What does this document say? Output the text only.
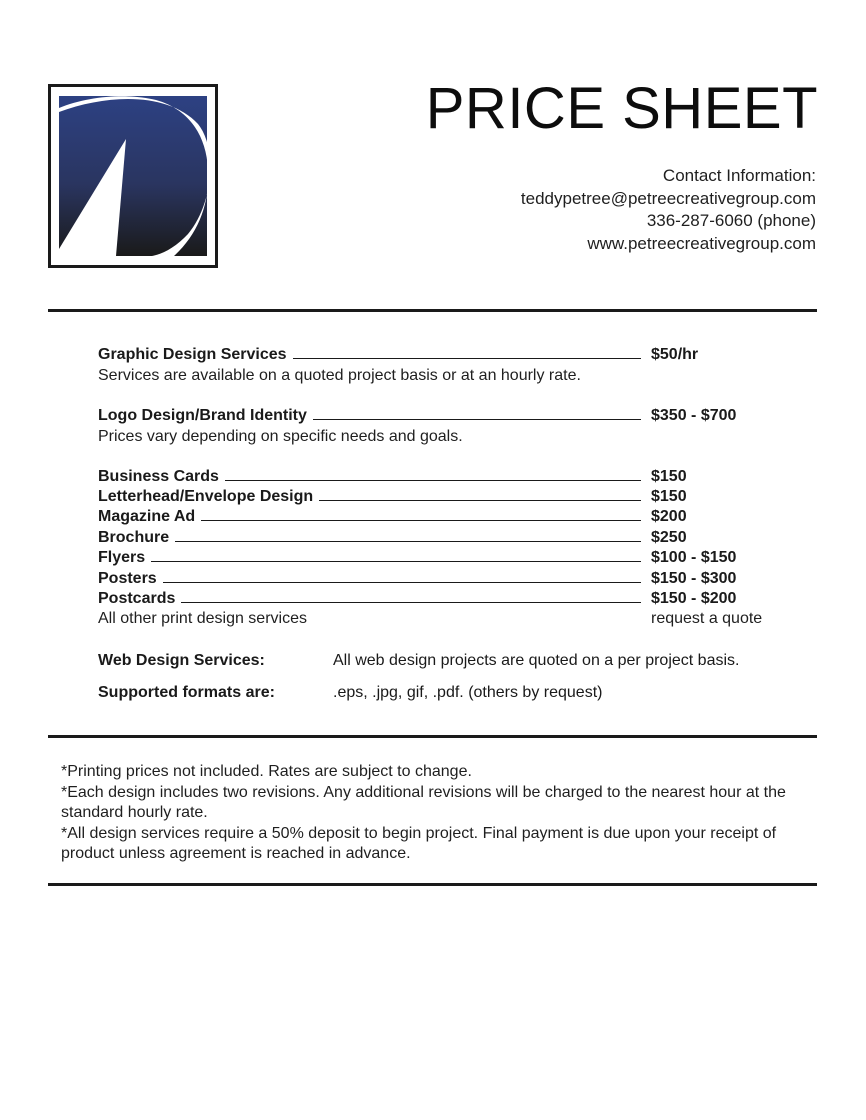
PRICE SHEET
Contact Information:
teddypetree@petreecreativegroup.com
336-287-6060 (phone)
www.petreecreativegroup.com
Graphic Design Services	$50/hr
Services are available on a quoted project basis or at an hourly rate.
Logo Design/Brand Identity	$350 - $700
Prices vary depending on specific needs and goals.
Business Cards	$150
Letterhead/Envelope Design	$150
Magazine Ad	$200
Brochure	$250
Flyers	$100 - $150
Posters	$150 - $300
Postcards	$150 - $200
All other print design services	request a quote
Web Design Services:	All web design projects are quoted on a per project basis.
Supported formats are:	.eps, .jpg, gif, .pdf. (others by request)

*Printing prices not included. Rates are subject to change.

*Each design includes two revisions. Any additional revisions will be charged to the nearest hour at the standard hourly rate.

*All design services require a 50% deposit to begin project. Final payment is due upon your receipt of product unless agreement is reached in advance.
